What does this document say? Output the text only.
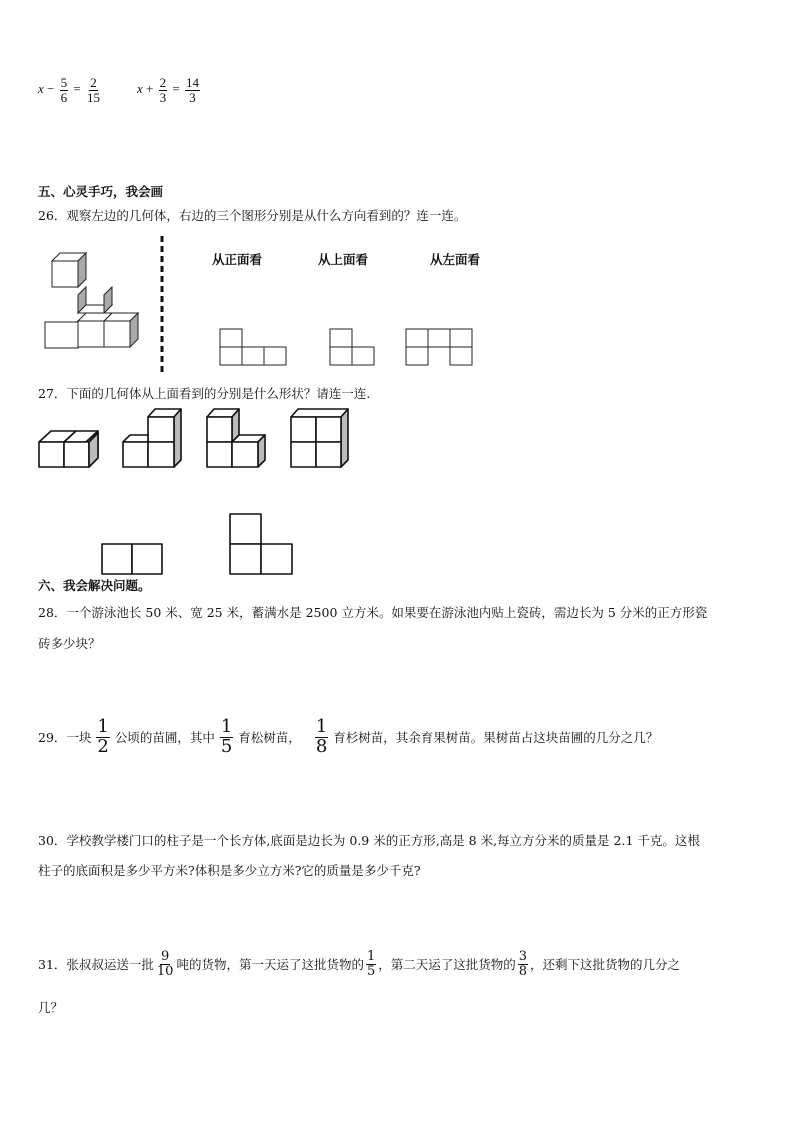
$x - \frac{5}{6} = \frac{2}{15}$	$x + \frac{2}{3} = \frac{14}{3}$
五、心灵手巧，我会画
26．观察左边的几何体，右边的三个图形分别是从什么方向看到的？连一连。
从正面看	从上面看	从左面看
27．下面的几何体从上面看到的分别是什么形状？请连一连.
六、我会解决问题。
28．一个游泳池长 50 米、宽 25 米，蓄满水是 2500 立方米。如果要在游泳池内贴上瓷砖，需边长为 5 分米的正方形瓷
砖多少块？
29．一块 $\frac{1}{2}$ 公顷的苗圃，其中 $\frac{1}{5}$ 育松树苗， $\frac{1}{8}$ 育杉树苗，其余育果树苗。果树苗占这块苗圃的几分之几？
30．学校教学楼门口的柱子是一个长方体,底面是边长为 0.9 米的正方形,高是 8 米,每立方分米的质量是 2.1 千克。这根
柱子的底面积是多少平方米?体积是多少立方米?它的质量是多少千克?
31．张叔叔运送一批 $\frac{9}{10}$ 吨的货物，第一天运了这批货物的 $\frac{1}{5}$ ，第二天运了这批货物的 $\frac{3}{8}$ ，还剩下这批货物的几分之
几？
